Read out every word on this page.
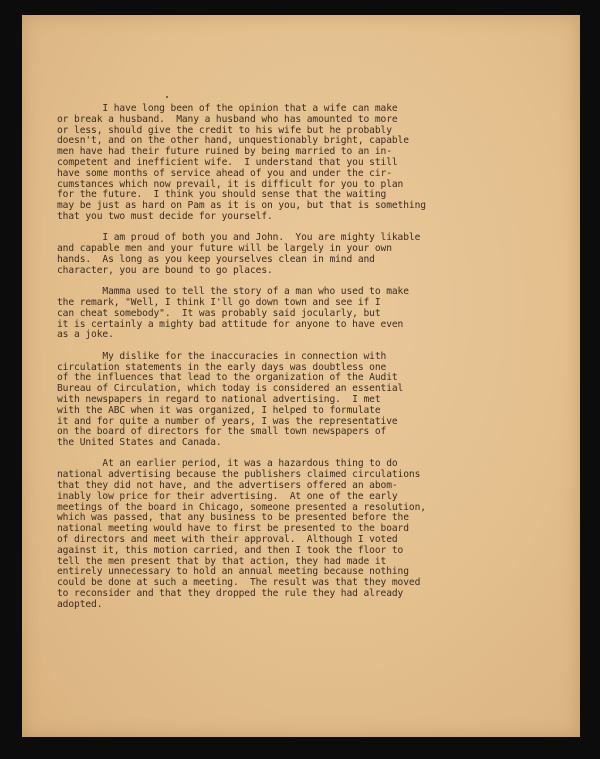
I have long been of the opinion that a wife can make
or break a husband.  Many a husband who has amounted to more
or less, should give the credit to his wife but he probably
doesn't, and on the other hand, unquestionably bright, capable
men have had their future ruined by being married to an in-
competent and inefficient wife.  I understand that you still
have some months of service ahead of you and under the cir-
cumstances which now prevail, it is difficult for you to plan
for the future.  I think you should sense that the waiting
may be just as hard on Pam as it is on you, but that is something
that you two must decide for yourself.
I am proud of both you and John.  You are mighty likable
and capable men and your future will be largely in your own
hands.  As long as you keep yourselves clean in mind and
character, you are bound to go places.
Mamma used to tell the story of a man who used to make
the remark, "Well, I think I'll go down town and see if I
can cheat somebody".  It was probably said jocularly, but
it is certainly a mighty bad attitude for anyone to have even
as a joke.
My dislike for the inaccuracies in connection with
circulation statements in the early days was doubtless one
of the influences that lead to the organization of the Audit
Bureau of Circulation, which today is considered an essential
with newspapers in regard to national advertising.  I met
with the ABC when it was organized, I helped to formulate
it and for quite a number of years, I was the representative
on the board of directors for the small town newspapers of
the United States and Canada.
At an earlier period, it was a hazardous thing to do
national advertising because the publishers claimed circulations
that they did not have, and the advertisers offered an abom-
inably low price for their advertising.  At one of the early
meetings of the board in Chicago, someone presented a resolution,
which was passed, that any business to be presented before the
national meeting would have to first be presented to the board
of directors and meet with their approval.  Although I voted
against it, this motion carried, and then I took the floor to
tell the men present that by that action, they had made it
entirely unnecessary to hold an annual meeting because nothing
could be done at such a meeting.  The result was that they moved
to reconsider and that they dropped the rule they had already
adopted.
